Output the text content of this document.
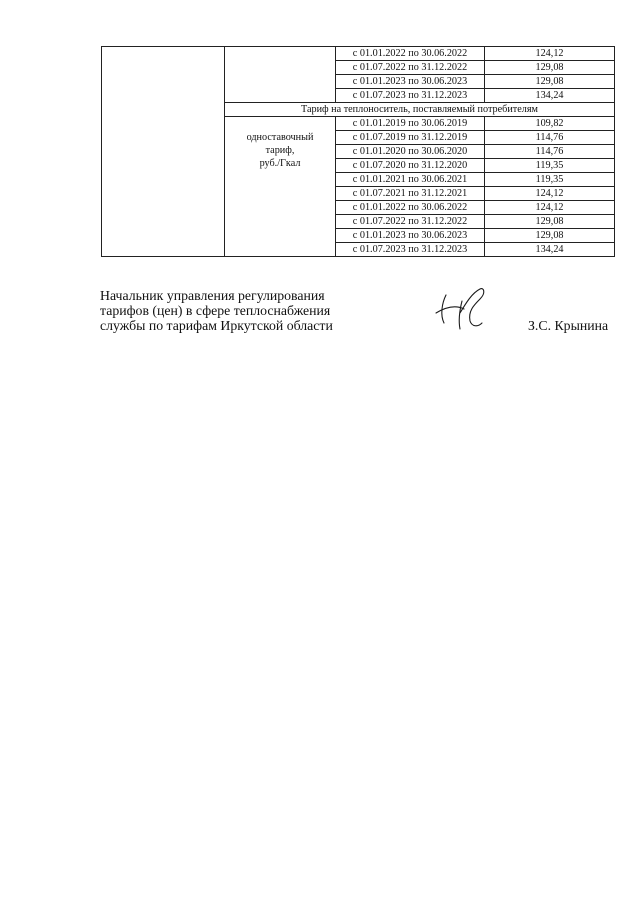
		с 01.01.2022 по 30.06.2022	124,12
		с 01.07.2022 по 31.12.2022	129,08
		с 01.01.2023 по 30.06.2023	129,08
		с 01.07.2023 по 31.12.2023	134,24
	Тариф на теплоноситель, поставляемый потребителям		

	одноставочный
тариф,
руб./Гкал	с 01.01.2019 по 30.06.2019	109,82
		с 01.07.2019 по 31.12.2019	114,76
		с 01.01.2020 по 30.06.2020	114,76
		с 01.07.2020 по 31.12.2020	119,35
		с 01.01.2021 по 30.06.2021	119,35
		с 01.07.2021 по 31.12.2021	124,12
		с 01.01.2022 по 30.06.2022	124,12
		с 01.07.2022 по 31.12.2022	129,08
		с 01.01.2023 по 30.06.2023	129,08
		с 01.07.2023 по 31.12.2023	134,24
Начальник управления регулирования
тарифов (цен) в сфере теплоснабжения
службы по тарифам Иркутской области	З.С. Крынина
